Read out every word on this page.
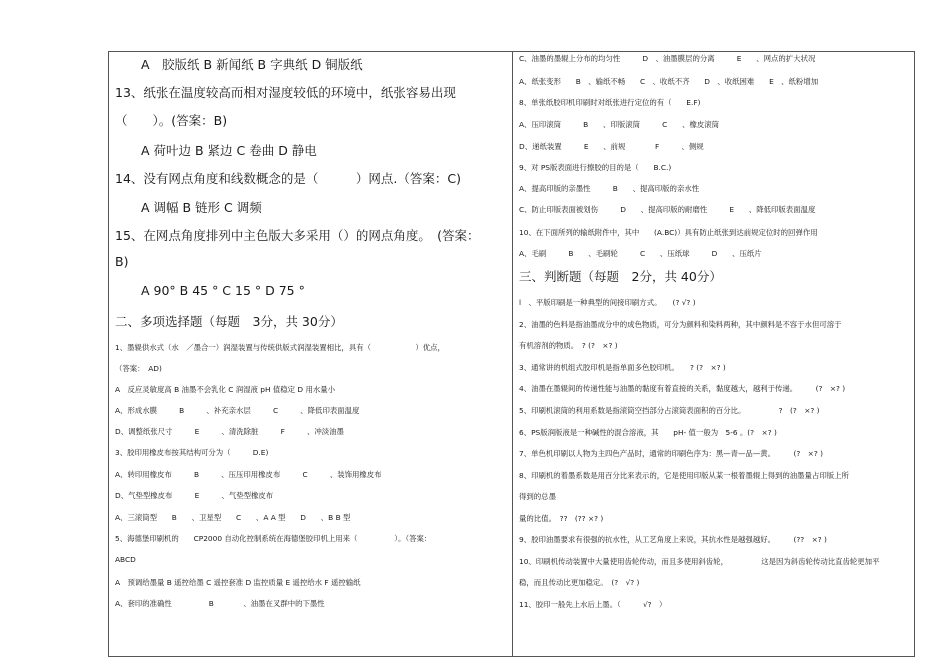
A　胶版纸 B 新闻纸 B 字典纸 D 铜版纸
13、纸张在温度较高而相对湿度较低的环境中，纸张容易出现
（　　）。(答案：B)
A 荷叶边 B 紧边 C 卷曲 D 静电
14、没有网点角度和线数概念的是（　　　）网点.（答案：C)
A 调幅 B 链形 C 调频
15、在网点角度排列中主色版大多采用（）的网点角度。　(答案：
B)
A 90° B 45 ° C 15 ° D 75 °
二、多项选择题（每题　3分，共 30分）
1、墨辊供水式（水　／墨合一）润湿装置与传统供版式润湿装置相比，具有（　　　　　　）优点，
（答案：　AD)
A　反应灵敏度高 B 油墨不会乳化 C 润湿液 pH 值稳定 D 用水量小
A、形成水膜　　　B　　　、补充亲水层　　　C　　　、降低印表面温度
D、调整纸张尺寸　　　E　　　、清洗除脏　　　F　　　、冲淡油墨
3、胶印用橡皮布按其结构可分为（　　　D.E)
A、转印用橡皮布　　　B　　　、压压印用橡皮布　　　C　　　、装饰用橡皮布
D、气垫型橡皮布　　　E　　　、气垫型橡皮布
A、三滚筒型　　B　　、卫星型　　C　　、A A 型　　D　　、B B 型
5、海德堡印刷机的　　CP2000 自动化控制系统在海德堡胶印机上用来（　　　　　）。（答案：
ABCD
A　预调给墨量 B 遥控给墨 C 遥控套准 D 监控质量 E 遥控给水 F 遥控输纸
A、套印的准确性　　　　　B　　　　、油墨在叉群中的下墨性
C、油墨的墨辊上分布的均匀性　　　D　、油墨膜层的分离　　　E　　、网点的扩大状况
A、纸张变形　　B　、输纸不畅　　C　、收纸不齐　　D　、收纸困难　　E　、纸粉增加
8、单张纸胶印机印刷时对纸张进行定位的有（　　E.F)
A、压印滚筒　　　B　　、印版滚筒　　　C　　、橡皮滚筒
D、递纸装置　　　E　　、前规　　　　F　　　、侧规
9、对 PS版表面进行擦胶的目的是（　　B.C.)
A、提高印版的亲墨性　　　B　　、提高印版的亲水性
C、防止印版表面被划伤　　　D　　、提高印版的耐磨性　　　E　　、降低印版表面温度
10、在下面所列的输纸附件中，其中　　(A.BC)）具有防止纸张到达前规定位时的回弹作用
A、毛刷　　　B　　、毛刷轮　　　C　　、压纸球　　　D　　、压纸片
三、判断题（每题　2分，共 40分）
l　、平版印刷是一种典型的间接印刷方式。　　(? √? )
2、油墨的色料是指油墨成分中的成色物质，可分为颜料和染料两种，其中颜料是不容于水但可溶于
有机溶剂的物质。　? (?　×? )
3、通常讲的机组式胶印机是指单面多色胶印机。　　? (?　×? )
4、油墨在墨辊间的传递性能与油墨的黏度有着直接的关系，黏度越大，越利于传递。　　　(?　×? )
5、印刷机滚筒的利用系数是指滚筒空挡部分占滚筒表面积的百分比。　　　　　?　(?　×? )
6、PS版润版液是一种碱性的混合溶液，其　　pH- 值一般为　5-6 。(?　×? )
7、单色机印刷以人物为主四色产品时，通常的印刷色序为：黑—青—品—黄。　　　(?　×? )
8、印刷机的着墨系数是用百分比来表示的，它是使用印版从某一根着墨辊上得到的油墨量占印版上所
得到的总墨
量的比值。　??　(?? ×? )
9、胶印油墨要求有很强的抗水性，从工艺角度上来说，其抗水性是越强越好。　　　(??　×? )
10、印刷机传动装置中大量使用齿轮传动，而且多使用斜齿轮，　　　　　这是因为斜齿轮传动比直齿轮更加平
稳，而且传动比更加稳定。　(?　√? )
11、胶印一般先上水后上墨。（　　　√?　）
